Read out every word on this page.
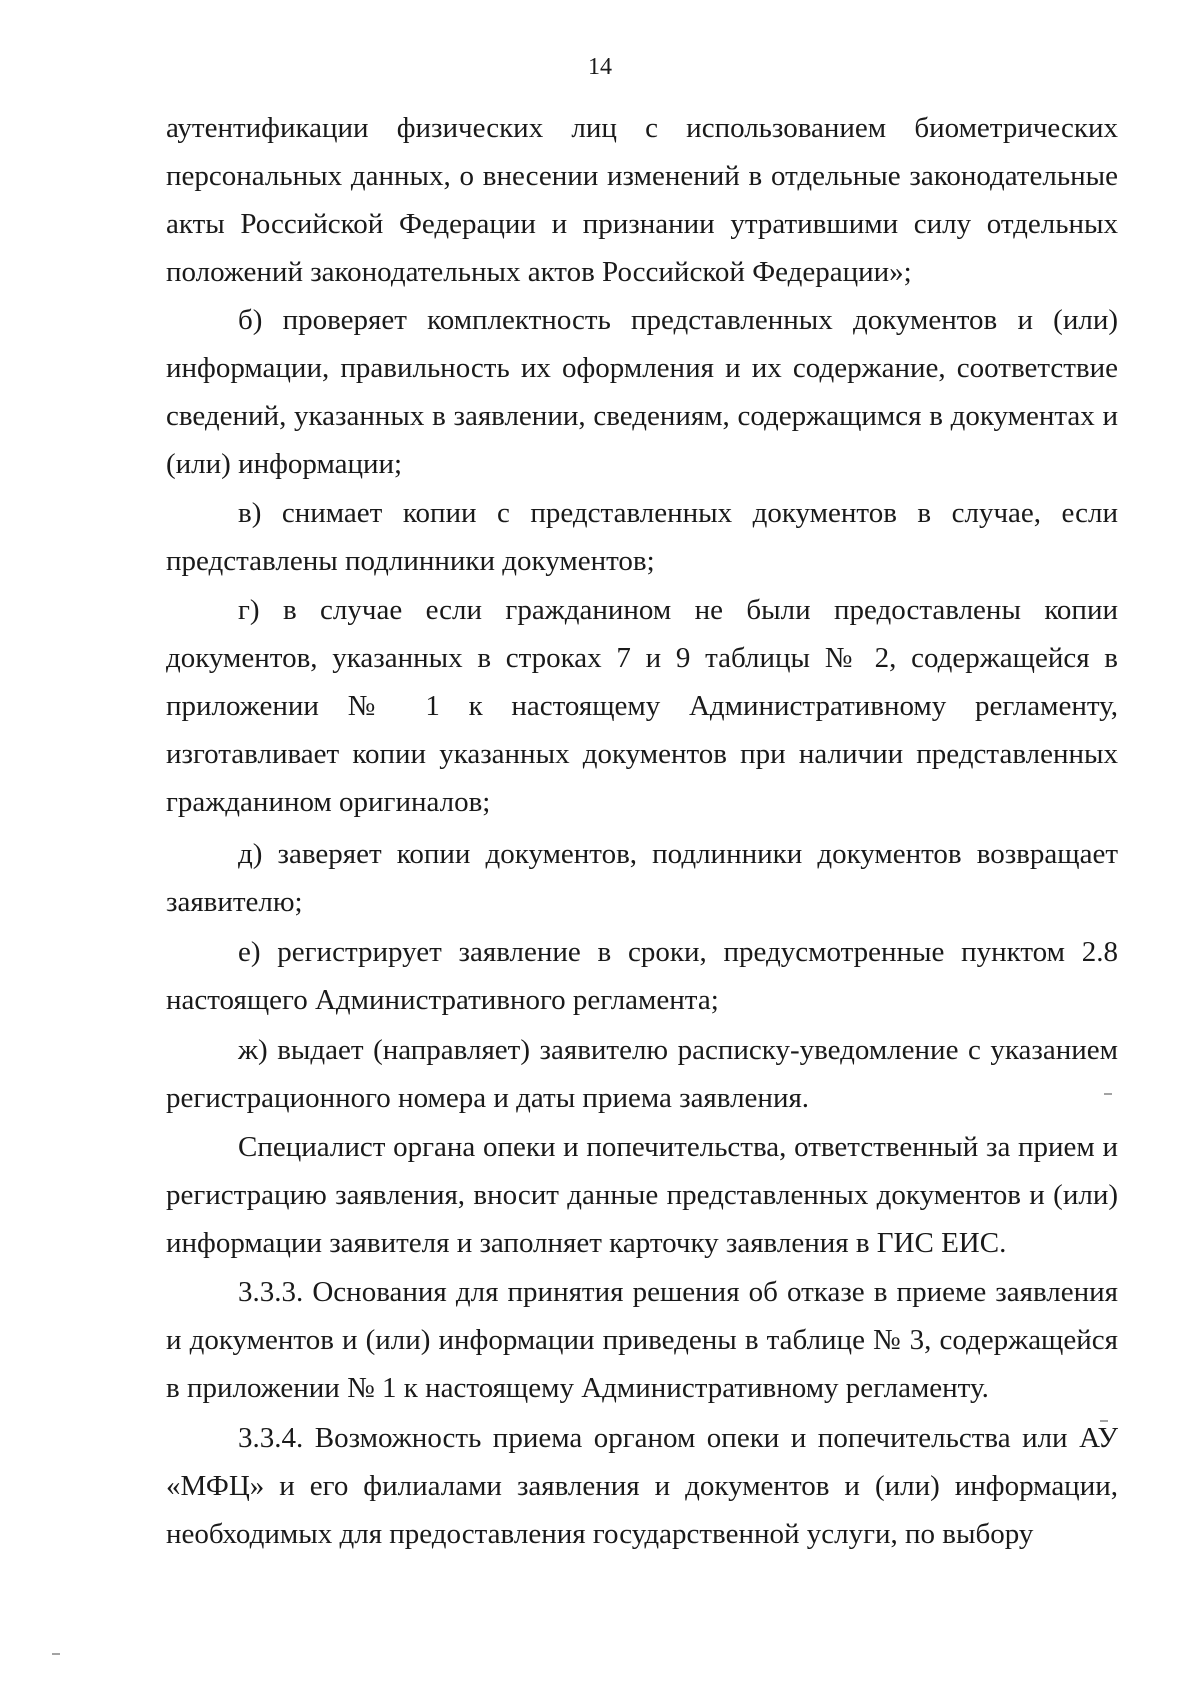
14

аутентификации физических лиц с использованием биометрических персональных данных, о внесении изменений в отдельные законодательные акты Российской Федерации и признании утратившими силу отдельных положений законодательных актов Российской Федерации»;

б) проверяет комплектность представленных документов и (или) информации, правильность их оформления и их содержание, соответствие сведений, указанных в заявлении, сведениям, содержащимся в документах и (или) информации;

в) снимает копии с представленных документов в случае, если представлены подлинники документов;

г) в случае если гражданином не были предоставлены копии документов, указанных в строках 7 и 9 таблицы № 2, содержащейся в приложении № 1 к настоящему Административному регламенту, изготавливает копии указанных документов при наличии представленных гражданином оригиналов;

д) заверяет копии документов, подлинники документов возвращает заявителю;

е) регистрирует заявление в сроки, предусмотренные пунктом 2.8 настоящего Административного регламента;

ж) выдает (направляет) заявителю расписку-уведомление с указанием регистрационного номера и даты приема заявления.

Специалист органа опеки и попечительства, ответственный за прием и регистрацию заявления, вносит данные представленных документов и (или) информации заявителя и заполняет карточку заявления в ГИС ЕИС.

3.3.3. Основания для принятия решения об отказе в приеме заявления и документов и (или) информации приведены в таблице № 3, содержащейся в приложении № 1 к настоящему Административному регламенту.

3.3.4. Возможность приема органом опеки и попечительства или АУ «МФЦ» и его филиалами заявления и документов и (или) информации, необходимых для предоставления государственной услуги, по выбору
